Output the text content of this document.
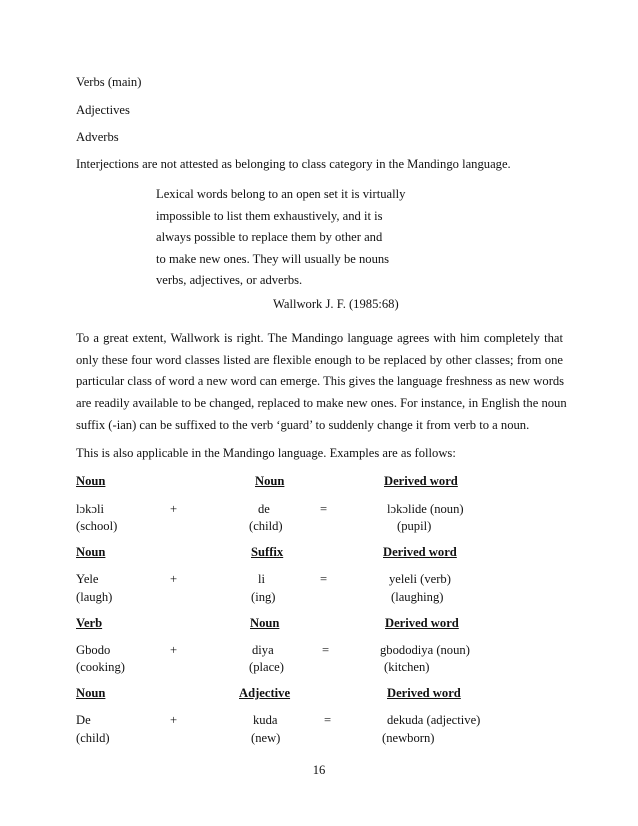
Verbs (main)
Adjectives
Adverbs
Interjections are not attested as belonging to class category in the Mandingo language.
Lexical words belong to an open set it is virtually
impossible to list them exhaustively, and it is
always possible to replace them by other and
to make new ones. They will usually be nouns
verbs, adjectives, or adverbs.
Wallwork J. F. (1985:68)
To a great extent, Wallwork is right. The Mandingo language agrees with him completely that
only these four word classes listed are flexible enough to be replaced by other classes; from one
particular class of word a new word can emerge. This gives the language freshness as new words
are readily available to be changed, replaced to make new ones. For instance, in English the noun
suffix (-ian) can be suffixed to the verb ‘guard’ to suddenly change it from verb to a noun.
This is also applicable in the Mandingo language. Examples are as follows:
Noun	Noun	Derived word
lɔkɔli	+	de	=	lɔkɔlide (noun)
(school)	(child)	(pupil)
Noun	Suffix	Derived word
Yele	+	li	=	yeleli (verb)
(laugh)	(ing)	(laughing)
Verb	Noun	Derived word
Gbodo	+	diya	=	gbododiya (noun)
(cooking)	(place)	(kitchen)
Noun	Adjective	Derived word
De	+	kuda	=	dekuda (adjective)
(child)	(new)	(newborn)
16
